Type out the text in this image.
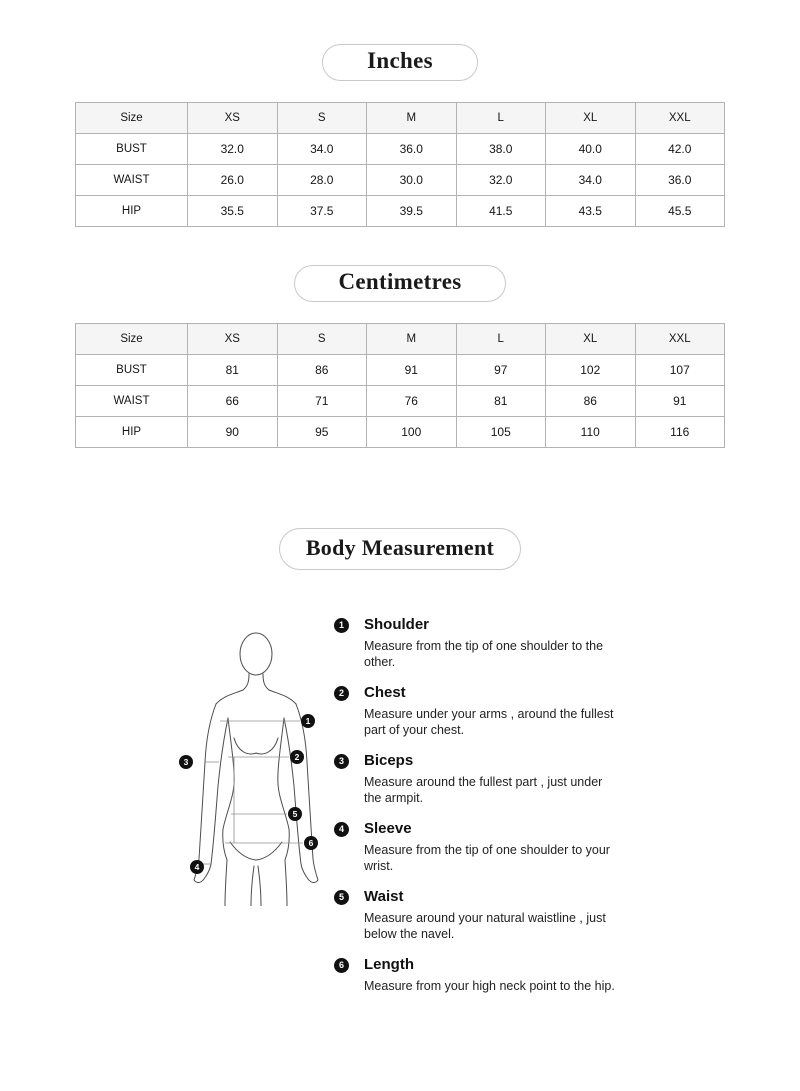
Inches
Size	XS	S	M	L	XL	XXL
BUST	32.0	34.0	36.0	38.0	40.0	42.0
WAIST	26.0	28.0	30.0	32.0	34.0	36.0
HIP	35.5	37.5	39.5	41.5	43.5	45.5
Centimetres
Size	XS	S	M	L	XL	XXL
BUST	81	86	91	97	102	107
WAIST	66	71	76	81	86	91
HIP	90	95	100	105	110	116
Body Measurement
1
2
3
4
5
6
1	Shoulder
Measure from the tip of one shoulder to the other.
2	Chest
Measure under your arms , around the fullest part of your chest.
3	Biceps
Measure around the fullest part , just under the armpit.
4	Sleeve
Measure from the tip of one shoulder to your wrist.
5	Waist
Measure around your natural waistline , just below the navel.
6	Length
Measure from your high neck point to the hip.
